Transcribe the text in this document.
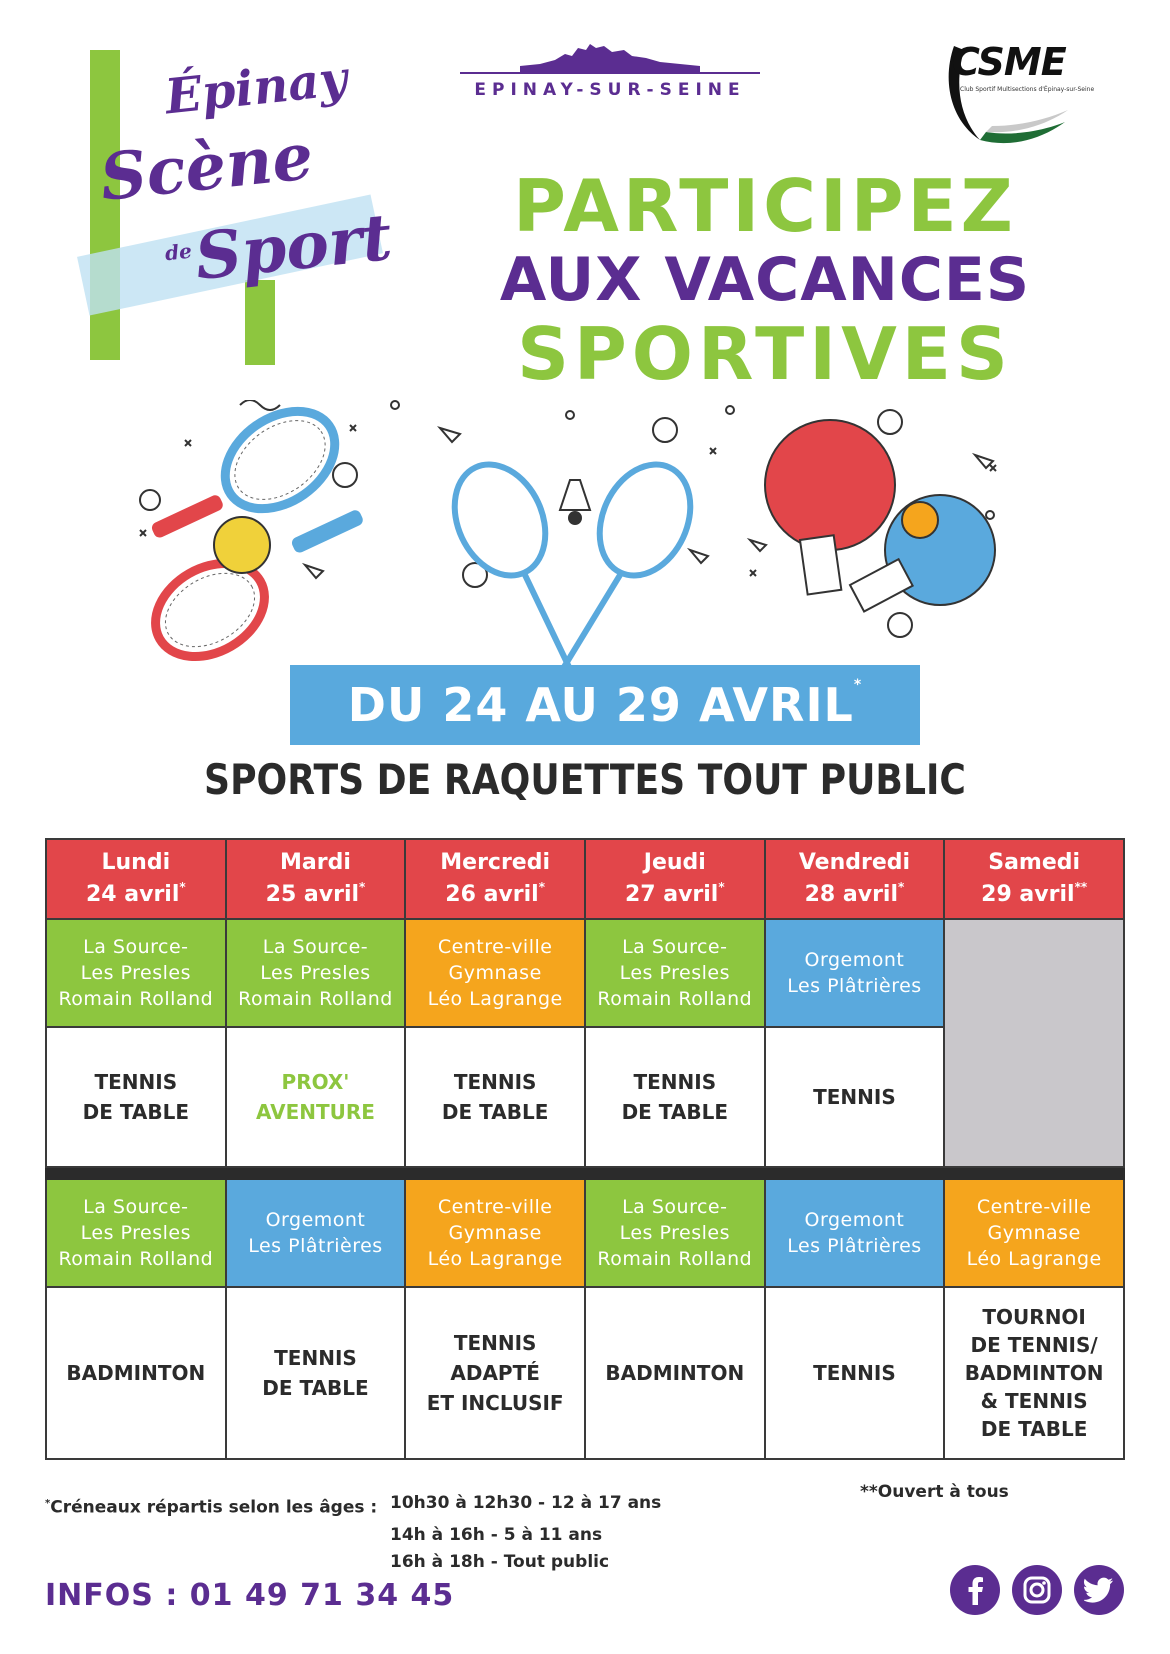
Épinay
Scène
de
Sport
EPINAY-SUR-SEINE
CSME
Club Sportif Multisections d'Épinay-sur-Seine
PARTICIPEZ
AUX VACANCES
SPORTIVES
DU 24 AU 29 AVRIL*
SPORTS DE RAQUETTES TOUT PUBLIC
Lundi
24 avril*	Mardi
25 avril*	Mercredi
26 avril*	Jeudi
27 avril*	Vendredi
28 avril*	Samedi
29 avril**

La Source-
Les Presles
Romain Rolland	La Source-
Les Presles
Romain Rolland	Centre-ville
Gymnase
Léo Lagrange	La Source-
Les Presles
Romain Rolland	Orgemont
Les Plâtrières	

TENNIS
DE TABLE	PROX'
AVENTURE	TENNIS
DE TABLE	TENNIS
DE TABLE	TENNIS	

La Source-
Les Presles
Romain Rolland	Orgemont
Les Plâtrières	Centre-ville
Gymnase
Léo Lagrange	La Source-
Les Presles
Romain Rolland	Orgemont
Les Plâtrières	Centre-ville
Gymnase
Léo Lagrange

BADMINTON	TENNIS
DE TABLE	TENNIS
ADAPTÉ
ET INCLUSIF	BADMINTON	TENNIS	TOURNOI
DE TENNIS/
BADMINTON
& TENNIS
DE TABLE
*Créneaux répartis selon les âges : 10h30 à 12h30 - 12 à 17 ans
14h à 16h - 5 à 11 ans
16h à 18h - Tout public
**Ouvert à tous
INFOS : 01 49 71 34 45
